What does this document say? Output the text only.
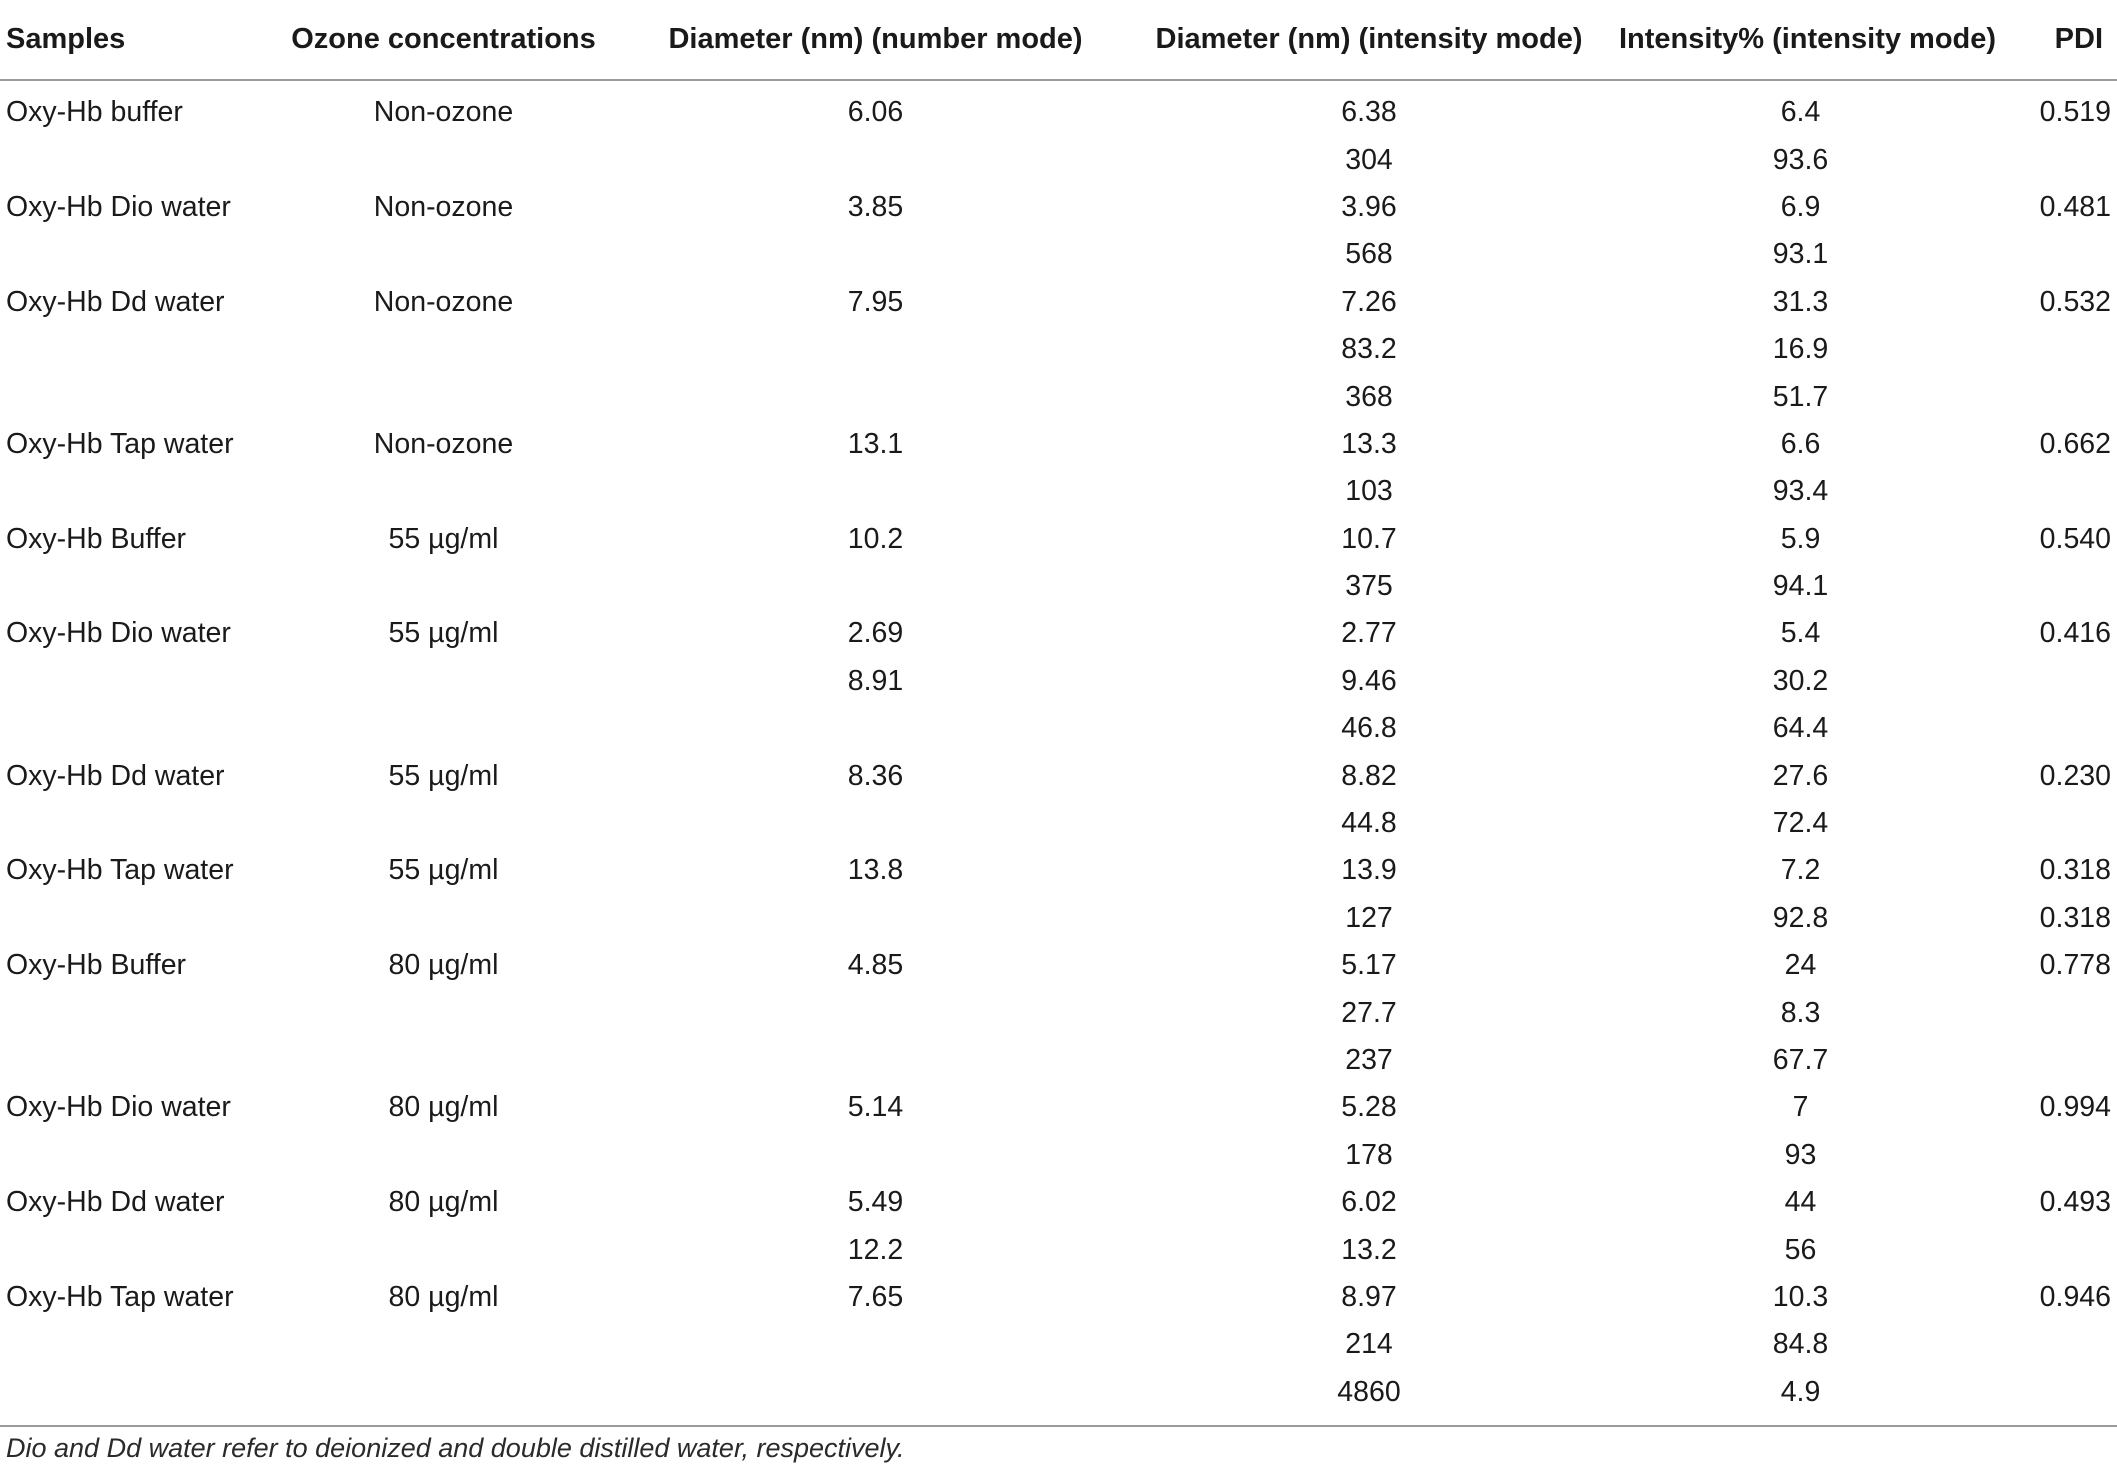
Samples	Ozone concentrations	Diameter (nm) (number mode)	Diameter (nm) (intensity mode)	Intensity% (intensity mode)	PDI
Oxy-Hb buffer	Non-ozone	6.06	6.38	6.4	0.519
			304	93.6	
Oxy-Hb Dio water	Non-ozone	3.85	3.96	6.9	0.481
			568	93.1	
Oxy-Hb Dd water	Non-ozone	7.95	7.26	31.3	0.532
			83.2	16.9	
			368	51.7	
Oxy-Hb Tap water	Non-ozone	13.1	13.3	6.6	0.662
			103	93.4	
Oxy-Hb Buffer	55 µg/ml	10.2	10.7	5.9	0.540
			375	94.1	
Oxy-Hb Dio water	55 µg/ml	2.69	2.77	5.4	0.416
		8.91	9.46	30.2	
			46.8	64.4	
Oxy-Hb Dd water	55 µg/ml	8.36	8.82	27.6	0.230
			44.8	72.4	
Oxy-Hb Tap water	55 µg/ml	13.8	13.9	7.2	0.318
			127	92.8	0.318
Oxy-Hb Buffer	80 µg/ml	4.85	5.17	24	0.778
			27.7	8.3	
			237	67.7	
Oxy-Hb Dio water	80 µg/ml	5.14	5.28	7	0.994
			178	93	
Oxy-Hb Dd water	80 µg/ml	5.49	6.02	44	0.493
		12.2	13.2	56	
Oxy-Hb Tap water	80 µg/ml	7.65	8.97	10.3	0.946
			214	84.8	
			4860	4.9	
Dio and Dd water refer to deionized and double distilled water, respectively.
